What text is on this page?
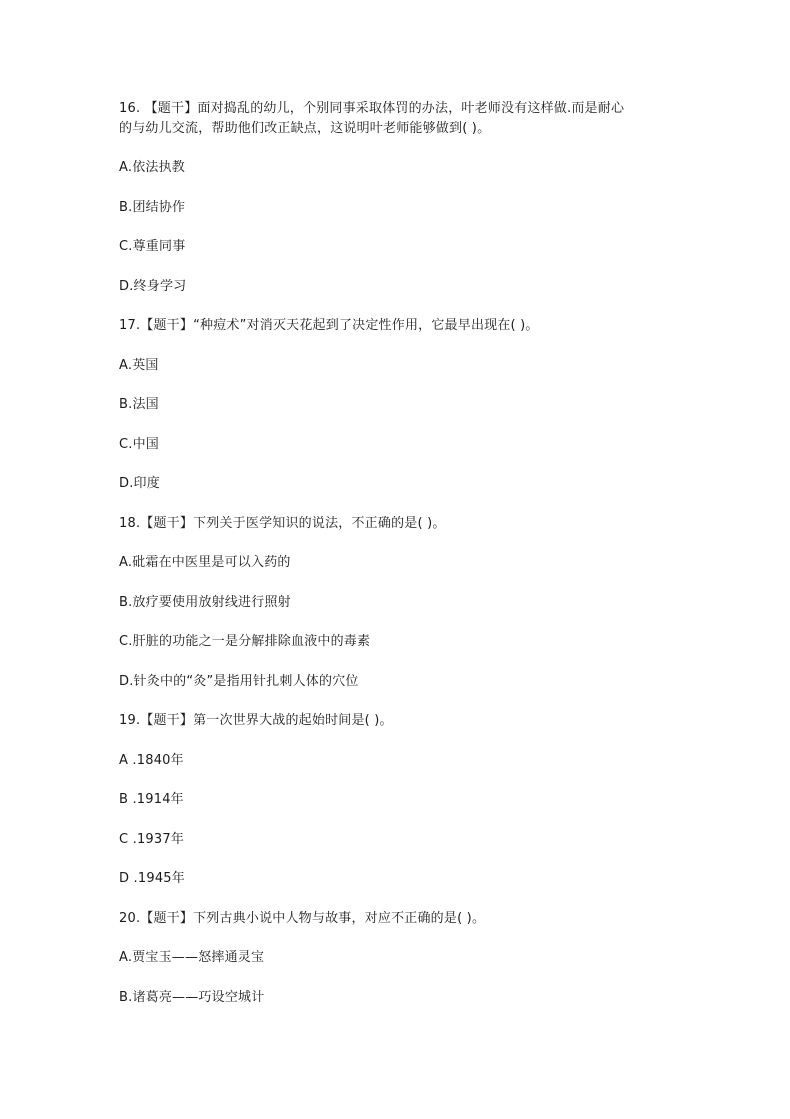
16. 【题干】面对捣乱的幼儿，个别同事采取体罚的办法，叶老师没有这样做.而是耐心
的与幼儿交流，帮助他们改正缺点，这说明叶老师能够做到( )。
A.依法执教
B.团结协作
C.尊重同事
D.终身学习
17.【题干】“种痘术”对消灭天花起到了决定性作用，它最早出现在( )。
A.英国
B.法国
C.中国
D.印度
18.【题干】下列关于医学知识的说法，不正确的是( )。
A.砒霜在中医里是可以入药的
B.放疗要使用放射线进行照射
C.肝脏的功能之一是分解排除血液中的毒素
D.针灸中的“灸”是指用针扎刺人体的穴位
19.【题干】第一次世界大战的起始时间是( )。
A .1840年
B .1914年
C .1937年
D .1945年
20.【题干】下列古典小说中人物与故事，对应不正确的是( )。
A.贾宝玉——怒摔通灵宝
B.诸葛亮——巧设空城计
